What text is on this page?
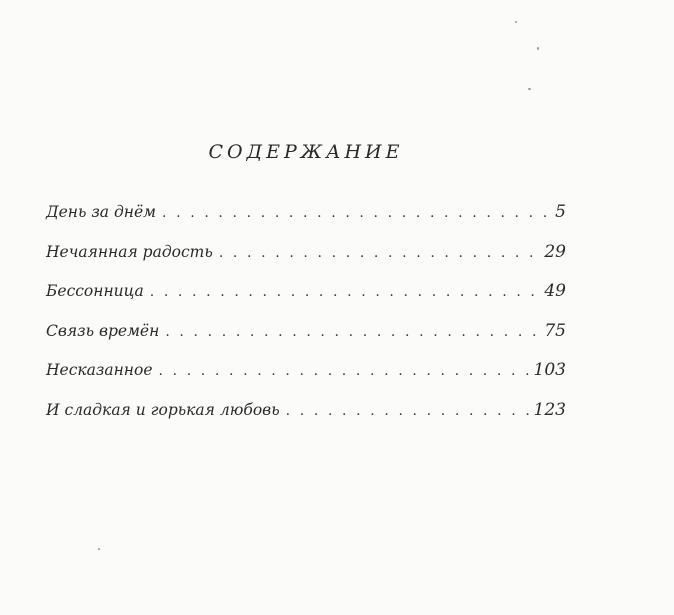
СОДЕРЖАНИЕ
День за днём . . .	5
Нечаянная радость . . .	29
Бессонница . . .	49
Связь времён . . .	75
Несказанное . . .	103
И сладкая и горькая любовь . . .	123
